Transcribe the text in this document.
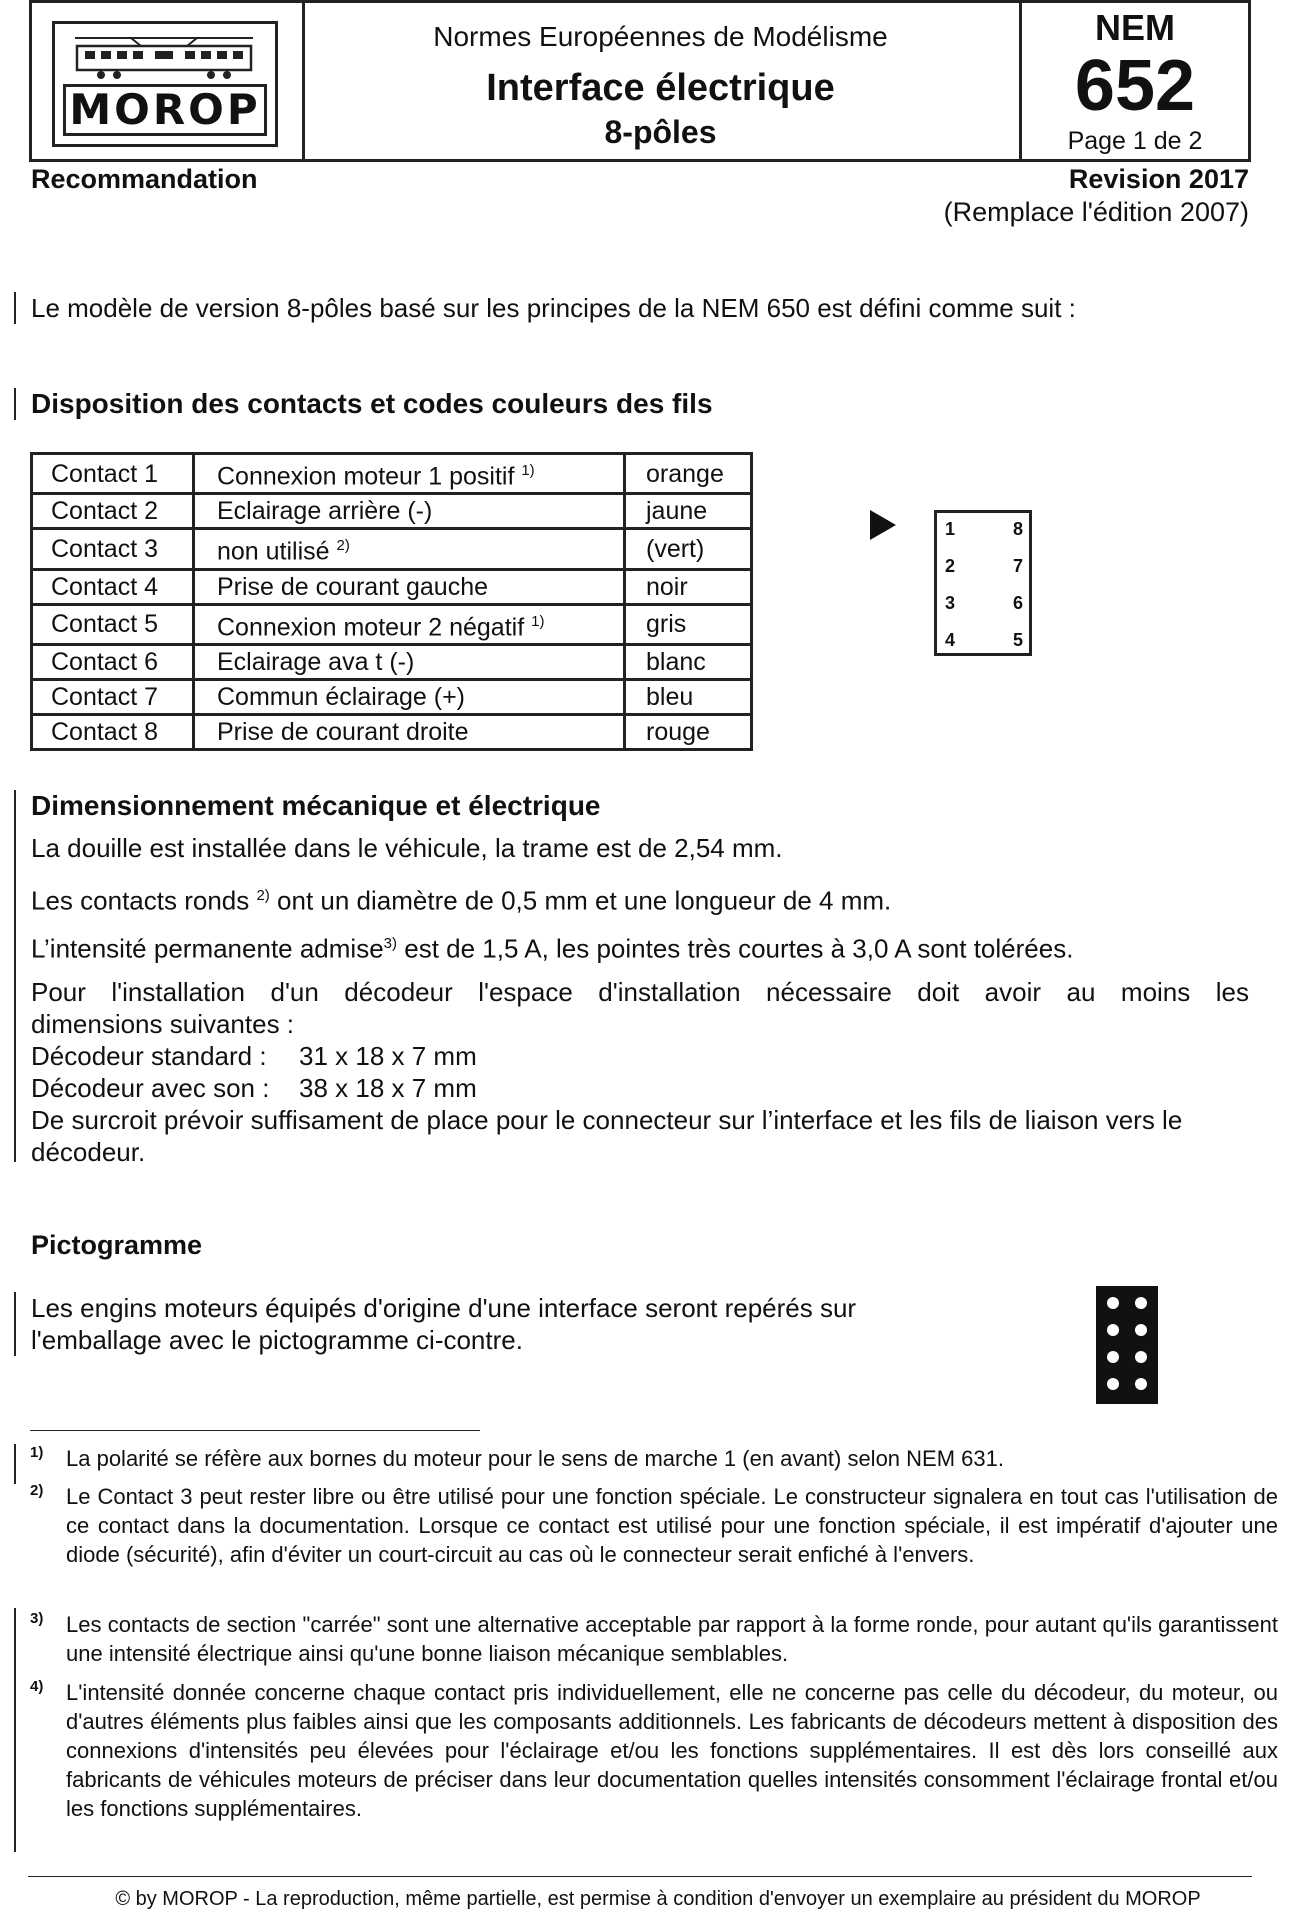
MOROP
Normes Européennes de Modélisme
Interface électrique
8-pôles
NEM
652
Page 1 de 2
Recommandation	Revision 2017
(Remplace l'édition 2007)
Le modèle de version 8-pôles basé sur les principes de la NEM 650 est défini comme suit :
Disposition des contacts et codes couleurs des fils
Contact 1	Connexion moteur 1 positif $^{1)}$	orange
Contact 2	Eclairage arrière (-)	jaune
Contact 3	non utilisé $^{2)}$	(vert)
Contact 4	Prise de courant gauche	noir
Contact 5	Connexion moteur 2 négatif $^{1)}$	gris
Contact 6	Eclairage ava t (-)	blanc
Contact 7	Commun éclairage (+)	bleu
Contact 8	Prise de courant droite	rouge
1
2
3
4
8
7
6
5
Dimensionnement mécanique et électrique
La douille est installée dans le véhicule, la trame est de 2,54 mm.
Les contacts ronds $^{2)}$ ont un diamètre de 0,5 mm et une longueur de 4 mm.
L’intensité permanente admise$^{3)}$ est de 1,5 A, les pointes très courtes à 3,0 A sont tolérées.
Pour l'installation d'un décodeur l'espace d'installation nécessaire doit avoir au moins les
dimensions suivantes :
Décodeur standard : 31 x 18 x 7 mm
Décodeur avec son : 38 x 18 x 7 mm
De surcroit prévoir suffisament de place pour le connecteur sur l’interface et les fils de liaison vers le décodeur.
Pictogramme
Les engins moteurs équipés d'origine d'une interface seront repérés sur
l'emballage avec le pictogramme ci-contre.
1) La polarité se réfère aux bornes du moteur pour le sens de marche 1 (en avant) selon NEM 631.
2) Le Contact 3 peut rester libre ou être utilisé pour une fonction spéciale. Le constructeur signalera en tout cas l'utilisation de ce contact dans la documentation. Lorsque ce contact est utilisé pour une fonction spéciale, il est impératif d'ajouter une diode (sécurité), afin d'éviter un court-circuit au cas où le connecteur serait enfiché à l'envers.
3) Les contacts de section "carrée" sont une alternative acceptable par rapport à la forme ronde, pour autant qu'ils garantissent une intensité électrique ainsi qu'une bonne liaison mécanique semblables.
4) L'intensité donnée concerne chaque contact pris individuellement, elle ne concerne pas celle du décodeur, du moteur, ou d'autres éléments plus faibles ainsi que les composants additionnels. Les fabricants de décodeurs mettent à disposition des connexions d'intensités peu élevées pour l'éclairage et/ou les fonctions supplémentaires. Il est dès lors conseillé aux fabricants de véhicules moteurs de préciser dans leur documentation quelles intensités consomment l'éclairage frontal et/ou les fonctions supplémentaires.
© by MOROP - La reproduction, même partielle, est permise à condition d'envoyer un exemplaire au président du MOROP
